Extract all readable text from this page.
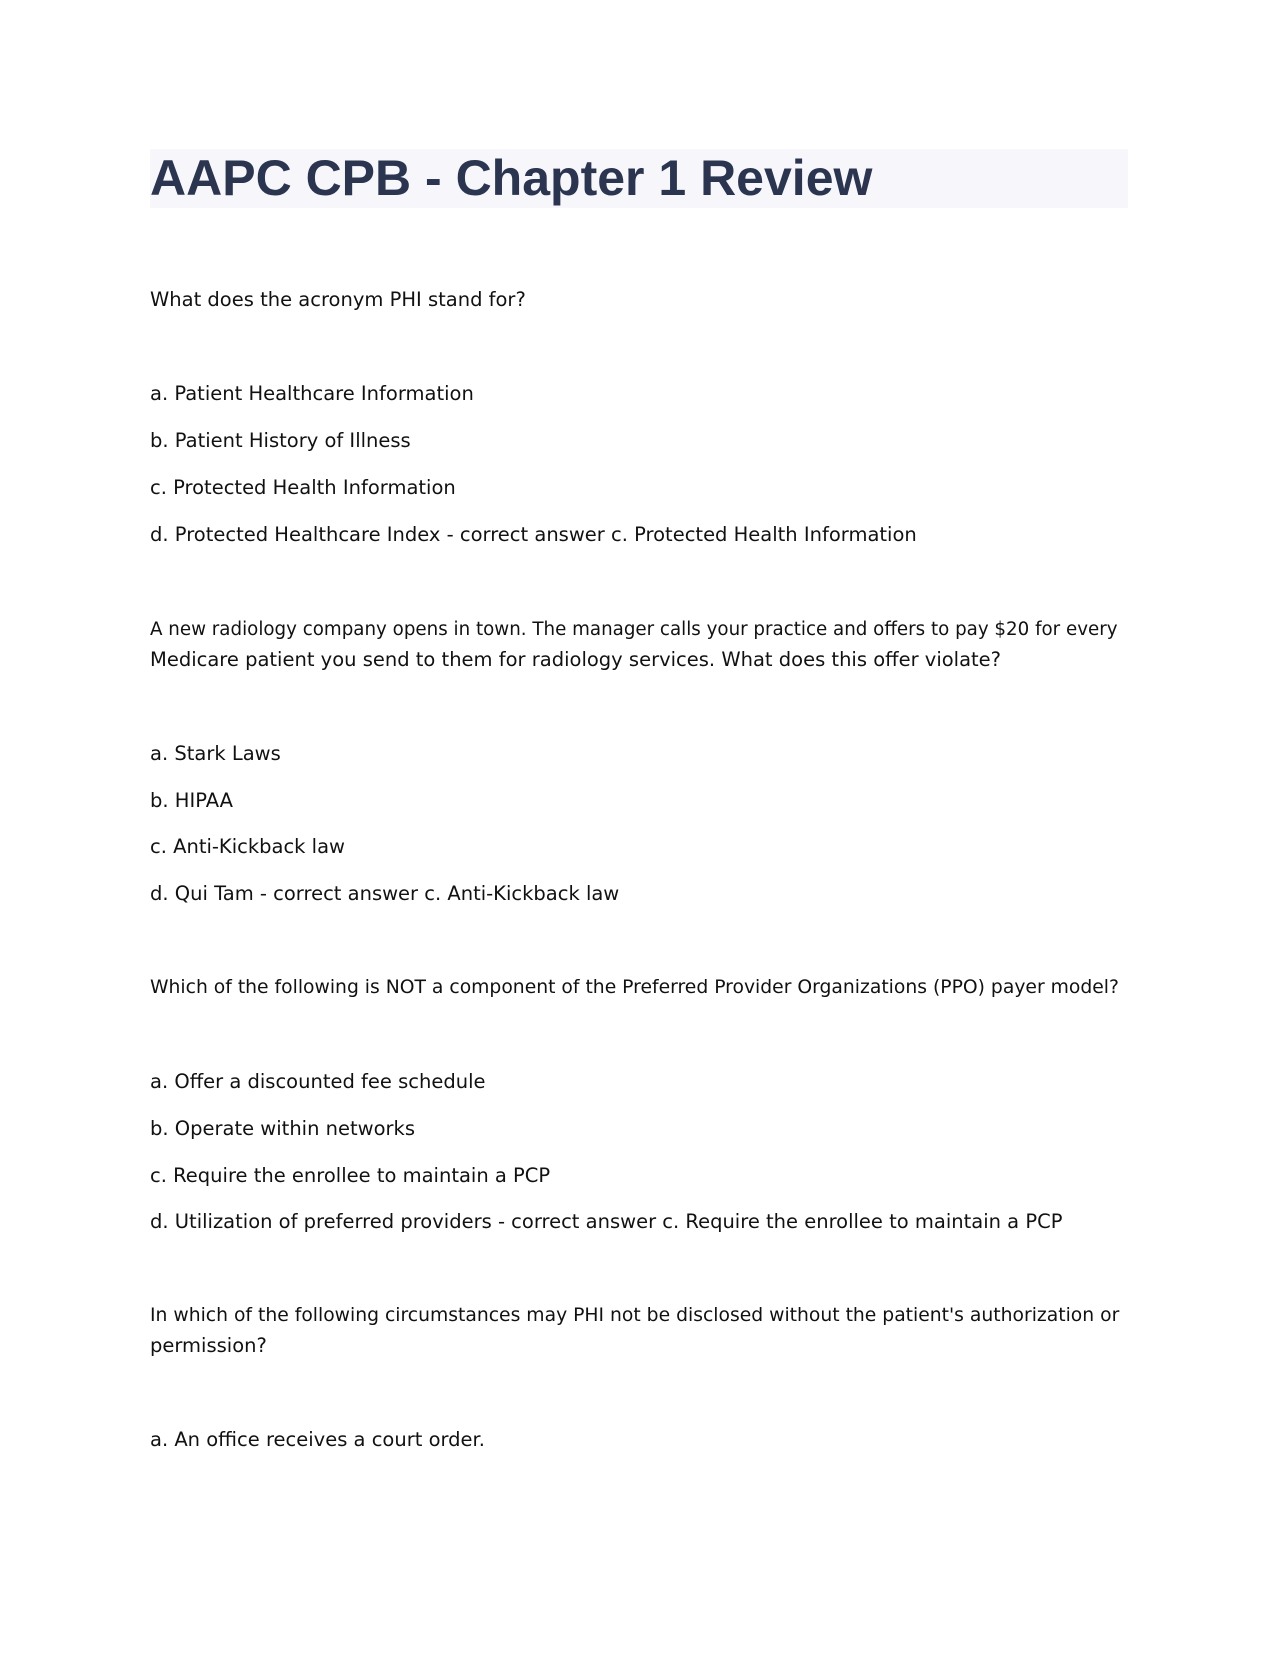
AAPC CPB - Chapter 1 Review

What does the acronym PHI stand for?

a. Patient Healthcare Information

b. Patient History of Illness

c. Protected Health Information

d. Protected Healthcare Index - correct answer c. Protected Health Information

A new radiology company opens in town. The manager calls your practice and offers to pay $20 for every

Medicare patient you send to them for radiology services. What does this offer violate?

a. Stark Laws

b. HIPAA

c. Anti-Kickback law

d. Qui Tam - correct answer c. Anti-Kickback law

Which of the following is NOT a component of the Preferred Provider Organizations (PPO) payer model?

a. Offer a discounted fee schedule

b. Operate within networks

c. Require the enrollee to maintain a PCP

d. Utilization of preferred providers - correct answer c. Require the enrollee to maintain a PCP

In which of the following circumstances may PHI not be disclosed without the patient's authorization or

permission?

a. An office receives a court order.
